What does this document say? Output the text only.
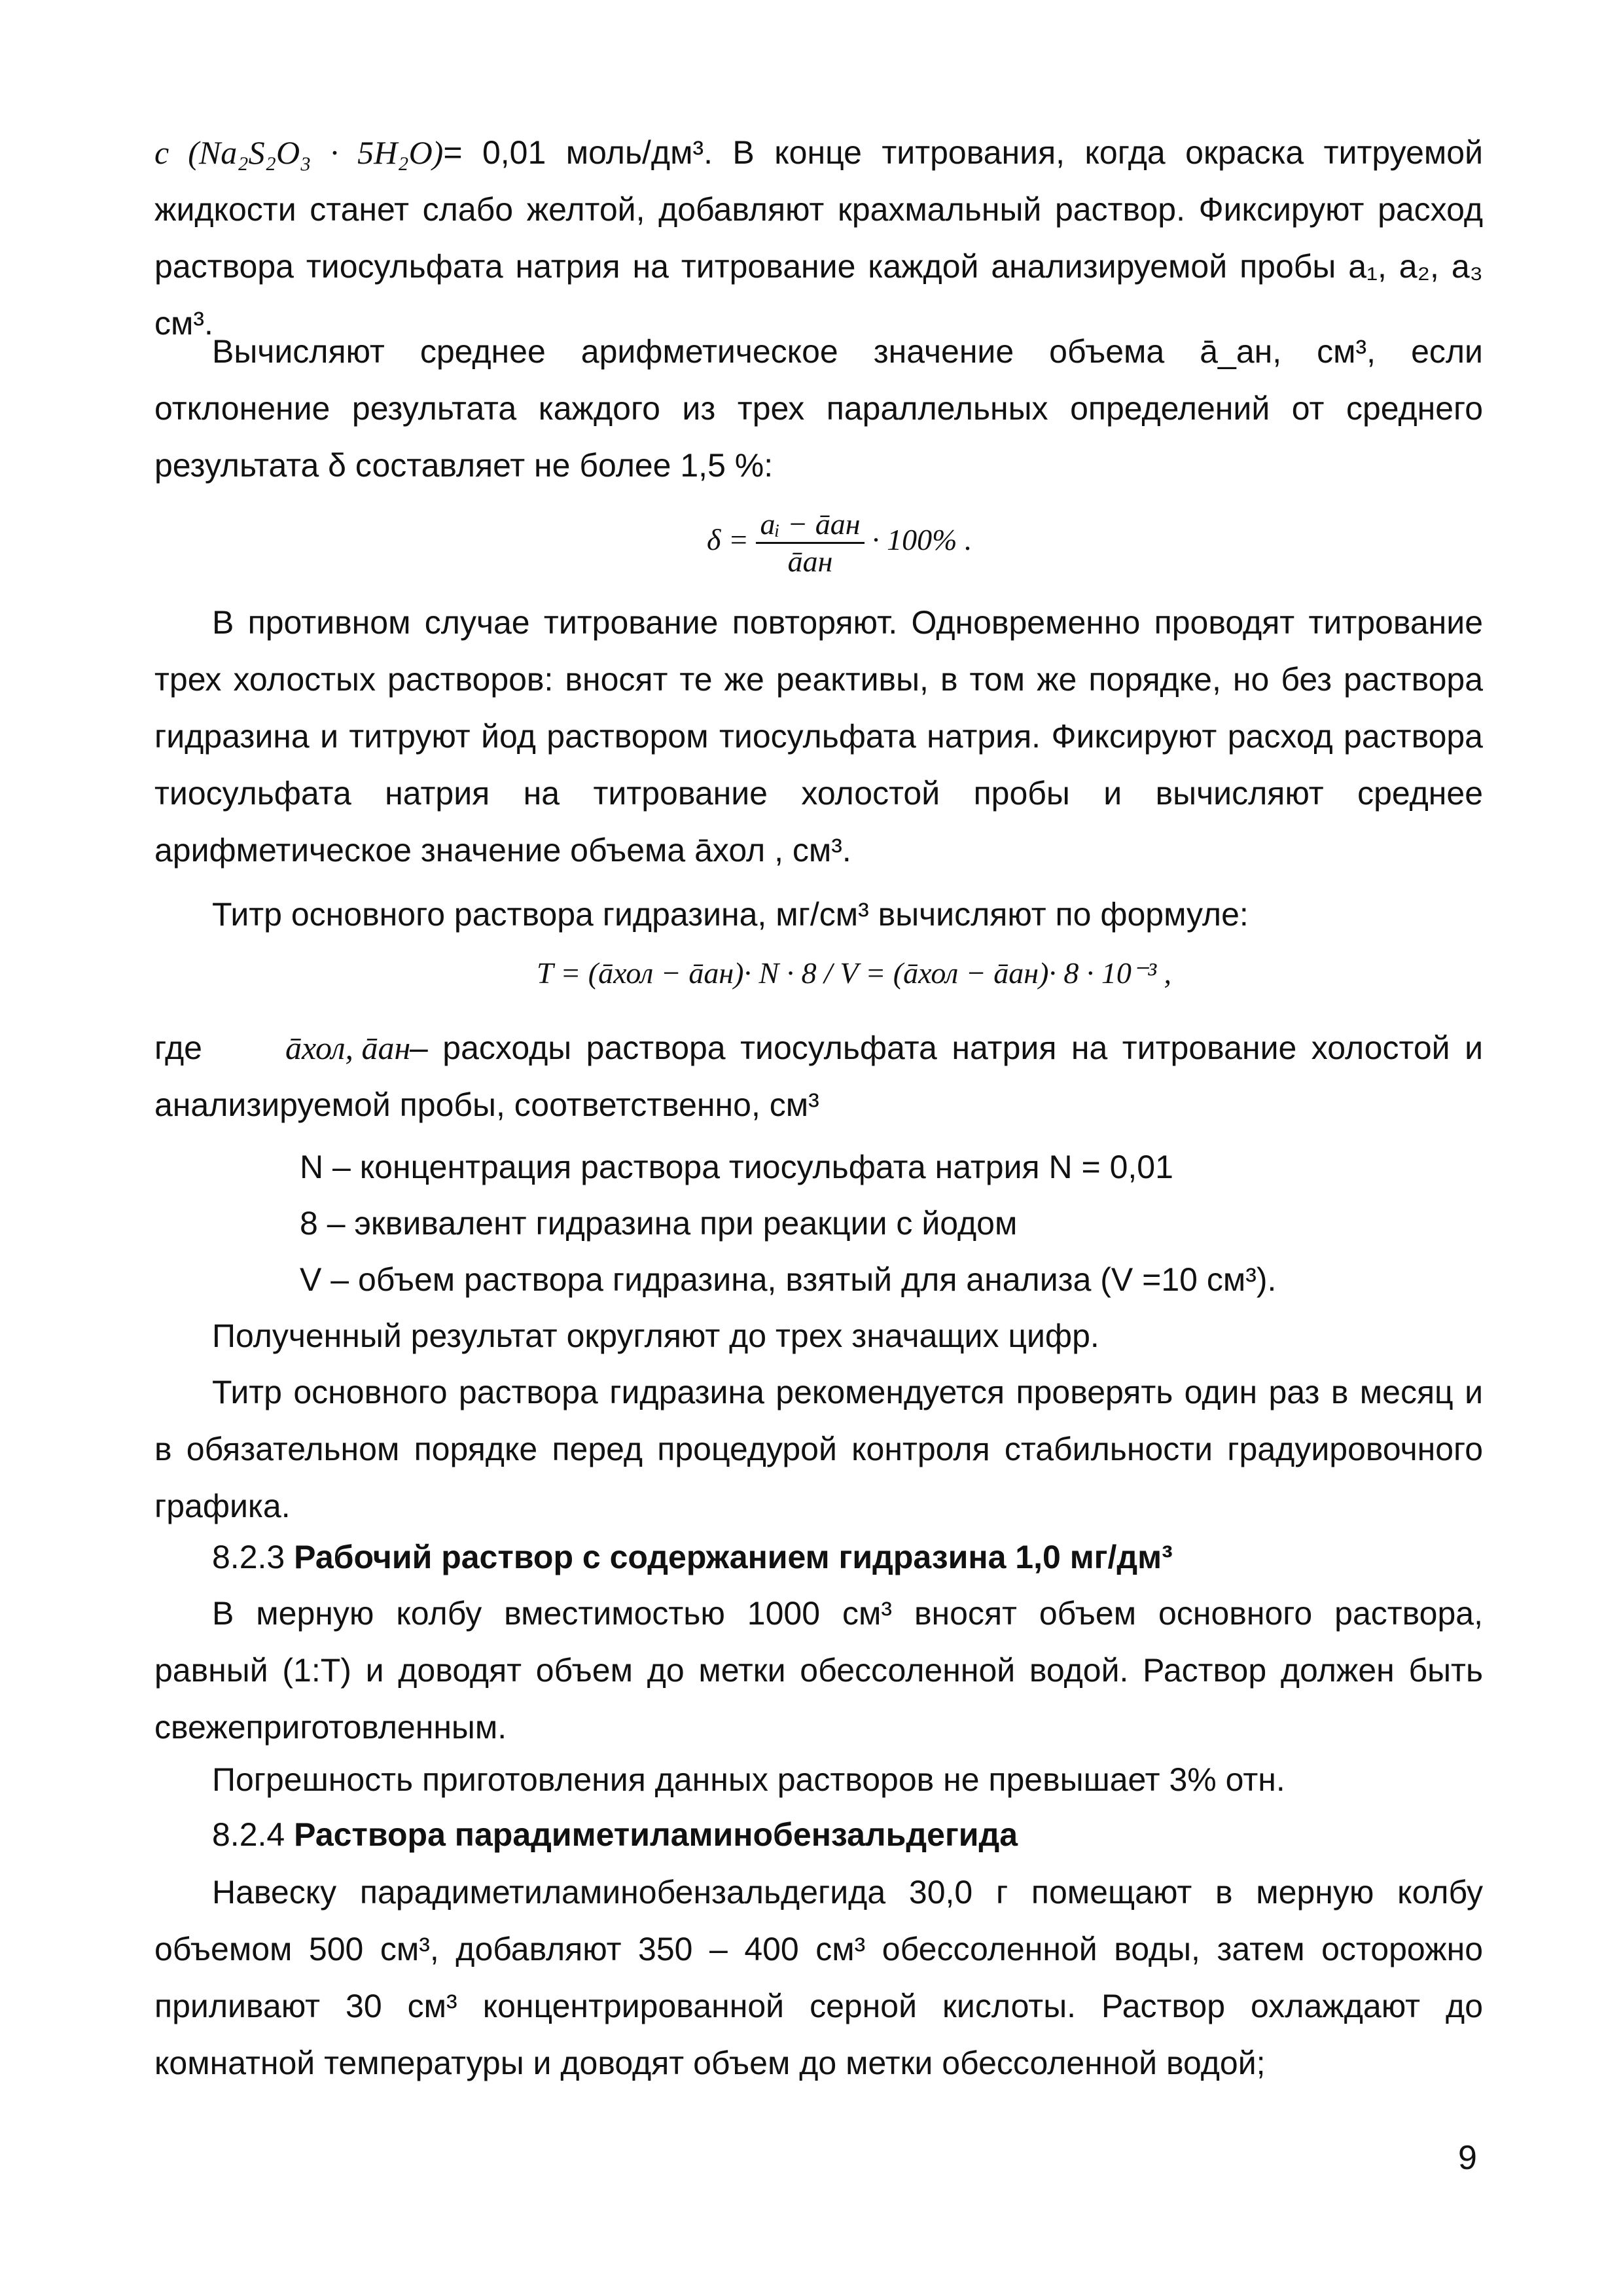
c (Na₂S₂O₃ · 5H₂O)= 0,01 моль/дм³. В конце титрования, когда окраска титруемой жидкости станет слабо желтой, добавляют крахмальный раствор. Фиксируют расход раствора тиосульфата натрия на титрование каждой анализируемой пробы a₁, a₂, a₃ см³.

Вычисляют среднее арифметическое значение объема ā_ан, см³, если отклонение результата каждого из трех параллельных определений от среднего результата δ составляет не более 1,5 %:

$\delta = \frac{\text{aᵢ − āан}}{\text{āан}} \cdot 100\%$ .

В противном случае титрование повторяют. Одновременно проводят титрование трех холостых растворов: вносят те же реактивы, в том же порядке, но без раствора гидразина и титруют йод раствором тиосульфата натрия. Фиксируют расход раствора тиосульфата натрия на титрование холостой пробы и вычисляют среднее арифметическое значение объема āхол , см³.

Титр основного раствора гидразина, мг/см³ вычисляют по формуле:

T = (āхол − āан)· N · 8 / V = (āхол − āан)· 8 · 10⁻³ ,
где	āхол, āан

– расходы раствора тиосульфата натрия на титрование холостой и анализируемой пробы, соответственно, см³

N – концентрация раствора тиосульфата натрия N = 0,01
8 – эквивалент гидразина при реакции с йодом
V – объем раствора гидразина, взятый для анализа (V =10 см³).

Полученный результат округляют до трех значащих цифр.

Титр основного раствора гидразина рекомендуется проверять один раз в месяц и в обязательном порядке перед процедурой контроля стабильности градуировочного графика.

8.2.3 Рабочий раствор с содержанием гидразина 1,0 мг/дм³

В мерную колбу вместимостью 1000 см³ вносят объем основного раствора, равный (1:Т) и доводят объем до метки обессоленной водой. Раствор должен быть свежеприготовленным.

Погрешность приготовления данных растворов не превышает 3% отн.

8.2.4 Раствора парадиметиламинобензальдегида

Навеску парадиметиламинобензальдегида 30,0 г помещают в мерную колбу объемом 500 см³, добавляют 350 – 400 см³ обессоленной воды, затем осторожно приливают 30 см³ концентрированной серной кислоты. Раствор охлаждают до комнатной температуры и доводят объем до метки обессоленной водой;

9
